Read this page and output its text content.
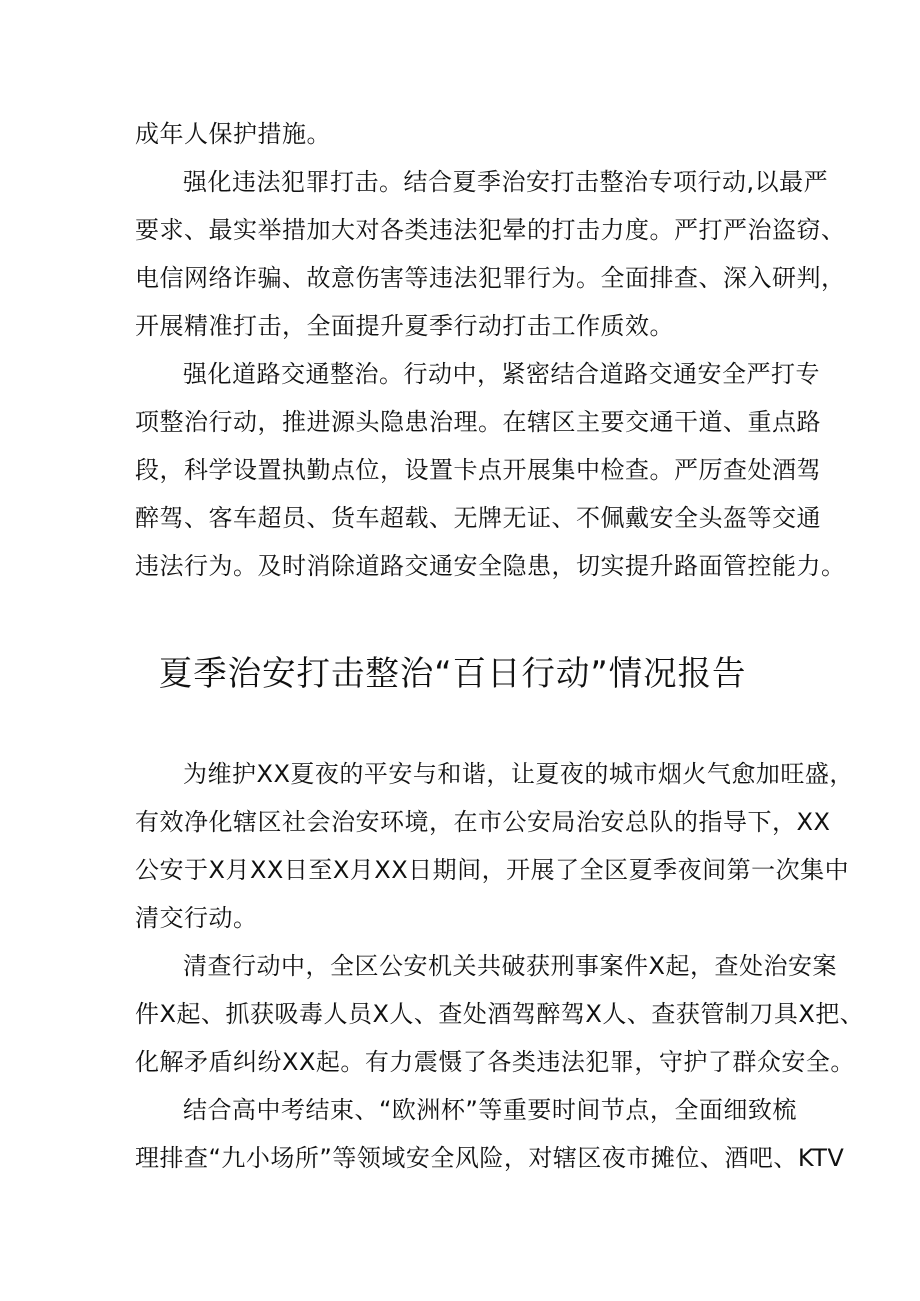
成年人保护措施。
强化违法犯罪打击。结合夏季治安打击整治专项行动,以最严
要求、最实举措加大对各类违法犯晕的打击力度。严打严治盗窃、
电信网络诈骗、故意伤害等违法犯罪行为。全面排查、深入研判，
开展精准打击，全面提升夏季行动打击工作质效。
强化道路交通整治。行动中，紧密结合道路交通安全严打专
项整治行动，推进源头隐患治理。在辖区主要交通干道、重点路
段，科学设置执勤点位，设置卡点开展集中检查。严厉查处酒驾
醉驾、客车超员、货车超载、无牌无证、不佩戴安全头盔等交通
违法行为。及时消除道路交通安全隐患，切实提升路面管控能力。
夏季治安打击整治“百日行动”情况报告
为维护XX夏夜的平安与和谐，让夏夜的城市烟火气愈加旺盛，
有效净化辖区社会治安环境，在市公安局治安总队的指导下，XX
公安于X月XX日至X月XX日期间，开展了全区夏季夜间第一次集中
清交行动。
清查行动中，全区公安机关共破获刑事案件X起，查处治安案
件X起、抓获吸毒人员X人、查处酒驾醉驾X人、查获管制刀具X把、
化解矛盾纠纷XX起。有力震慑了各类违法犯罪，守护了群众安全。
结合高中考结束、“欧洲杯”等重要时间节点，全面细致梳
理排查“九小场所”等领域安全风险，对辖区夜市摊位、酒吧、KTV
